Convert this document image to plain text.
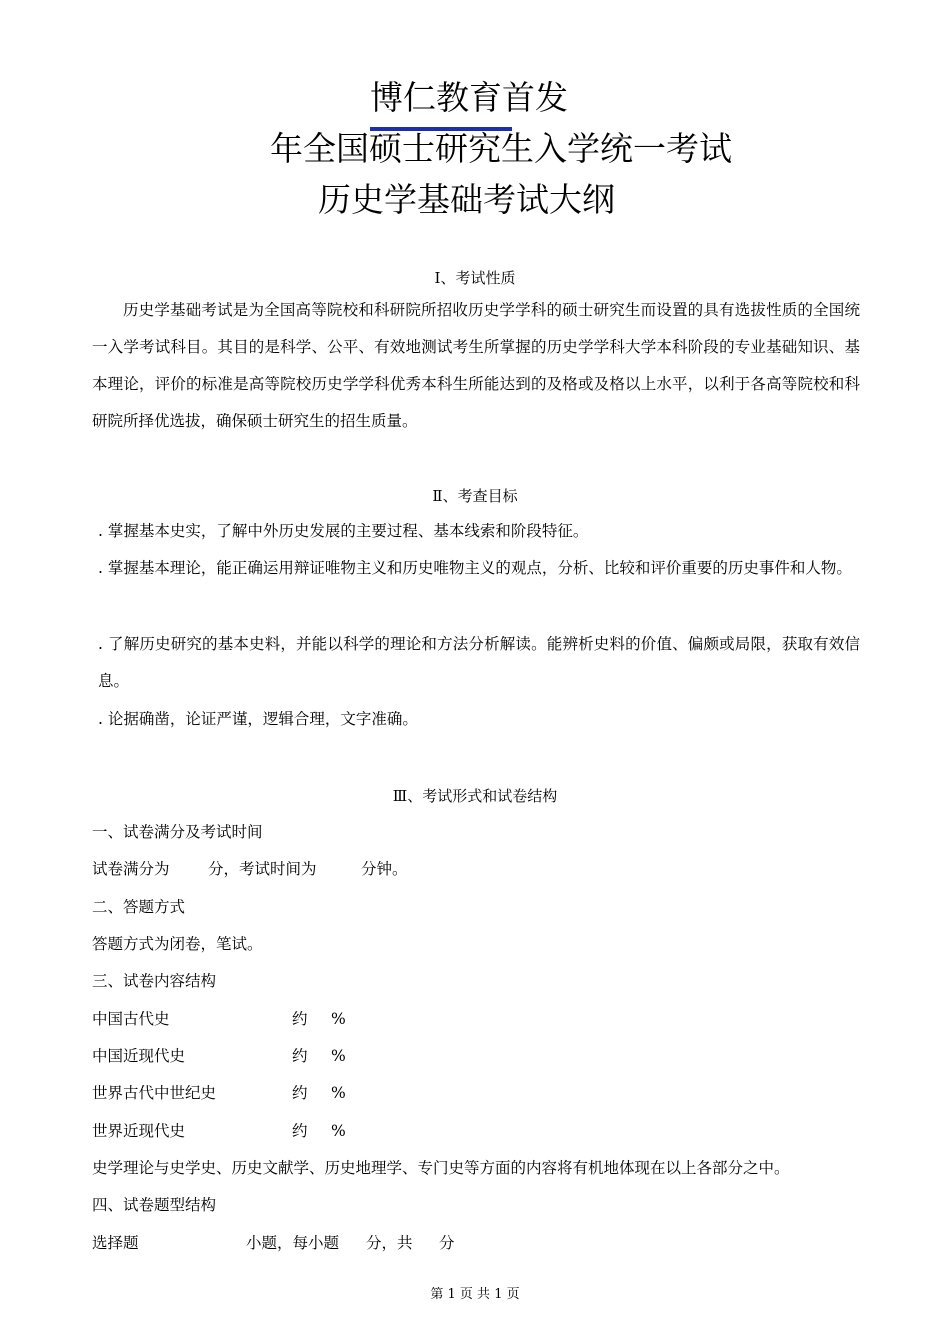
博仁教育首发
年全国硕士研究生入学统一考试
历史学基础考试大纲
Ⅰ、考试性质
历史学基础考试是为全国高等院校和科研院所招收历史学学科的硕士研究生而设置的具有选拔性质的全国统一入学考试科目。其目的是科学、公平、有效地测试考生所掌握的历史学学科大学本科阶段的专业基础知识、基本理论，评价的标准是高等院校历史学学科优秀本科生所能达到的及格或及格以上水平，以利于各高等院校和科研院所择优选拔，确保硕士研究生的招生质量。
Ⅱ、考查目标
. 掌握基本史实，了解中外历史发展的主要过程、基本线索和阶段特征。
. 掌握基本理论，能正确运用辩证唯物主义和历史唯物主义的观点，分析、比较和评价重要的历史事件和人物。
. 了解历史研究的基本史料，并能以科学的理论和方法分析解读。能辨析史料的价值、偏颇或局限，获取有效信息。
. 论据确凿，论证严谨，逻辑合理，文字准确。
Ⅲ、考试形式和试卷结构
一、试卷满分及考试时间
试卷满分为 分，考试时间为	分钟。
二、答题方式
答题方式为闭卷，笔试。
三、试卷内容结构
中国古代史	约 %
中国近现代史	约 %
世界古代中世纪史	约 %
世界近现代史	约 %
史学理论与史学史、历史文献学、历史地理学、专门史等方面的内容将有机地体现在以上各部分之中。
四、试卷题型结构
选择题	小题，每小题 分，共 分
第 1 页 共 1 页
